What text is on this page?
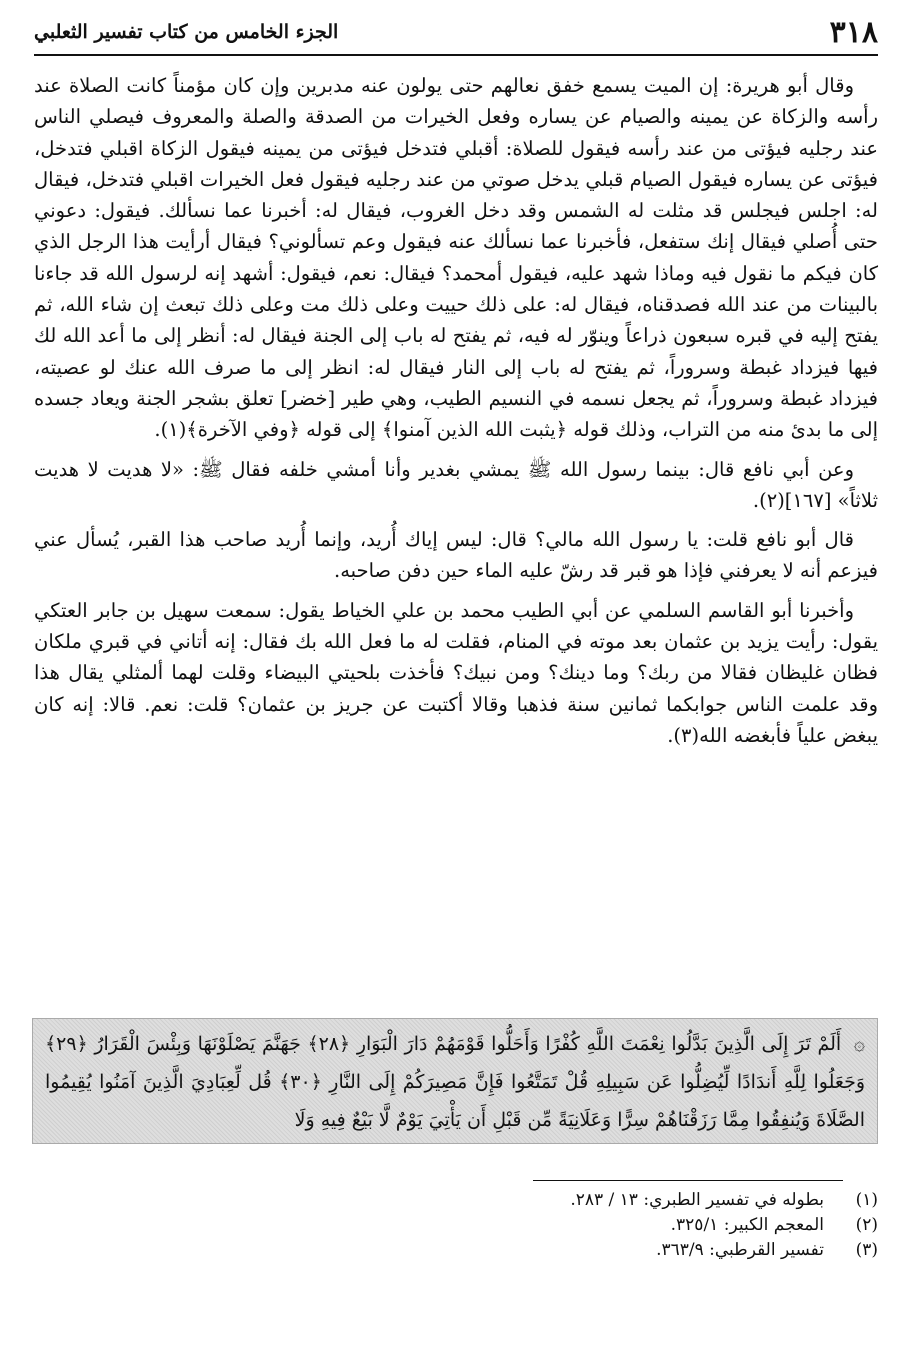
٣١٨
الجزء الخامس من كتاب تفسير الثعلبي

وقال أبو هريرة: إن الميت يسمع خفق نعالهم حتى يولون عنه مدبرين وإن كان مؤمناً كانت الصلاة عند رأسه والزكاة عن يمينه والصيام عن يساره وفعل الخيرات من الصدقة والصلة والمعروف فيصلي الناس عند رجليه فيؤتى من عند رأسه فيقول للصلاة: أقبلي فتدخل فيؤتى من يمينه فيقول الزكاة اقبلي فتدخل، فيؤتى عن يساره فيقول الصيام قبلي يدخل صوتي من عند رجليه فيقول فعل الخيرات اقبلي فتدخل، فيقال له: اجلس فيجلس قد مثلت له الشمس وقد دخل الغروب، فيقال له: أخبرنا عما نسألك. فيقول: دعوني حتى أُصلي فيقال إنك ستفعل، فأخبرنا عما نسألك عنه فيقول وعم تسألوني؟ فيقال أرأيت هذا الرجل الذي كان فيكم ما نقول فيه وماذا شهد عليه، فيقول أمحمد؟ فيقال: نعم، فيقول: أشهد إنه لرسول الله قد جاءنا بالبينات من عند الله فصدقناه، فيقال له: على ذلك حييت وعلى ذلك مت وعلى ذلك تبعث إن شاء الله، ثم يفتح إليه في قبره سبعون ذراعاً وينوّر له فيه، ثم يفتح له باب إلى الجنة فيقال له: أنظر إلى ما أعد الله لك فيها فيزداد غبطة وسروراً، ثم يفتح له باب إلى النار فيقال له: انظر إلى ما صرف الله عنك لو عصيته، فيزداد غبطة وسروراً، ثم يجعل نسمه في النسيم الطيب، وهي طير [خضر] تعلق بشجر الجنة ويعاد جسده إلى ما بدئ منه من التراب، وذلك قوله ﴿يثبت الله الذين آمنوا﴾ إلى قوله ﴿وفي الآخرة﴾(١).

وعن أبي نافع قال: بينما رسول الله ﷺ يمشي بغدير وأنا أمشي خلفه فقال ﷺ: «لا هديت لا هديت ثلاثاً» [١٦٧](٢).

قال أبو نافع قلت: يا رسول الله مالي؟ قال: ليس إياك أُريد، وإنما أُريد صاحب هذا القبر، يُسأل عني فيزعم أنه لا يعرفني فإذا هو قبر قد رشّ عليه الماء حين دفن صاحبه.

وأخبرنا أبو القاسم السلمي عن أبي الطيب محمد بن علي الخياط يقول: سمعت سهيل بن جابر العتكي يقول: رأيت يزيد بن عثمان بعد موته في المنام، فقلت له ما فعل الله بك فقال: إنه أتاني في قبري ملكان فظان غليظان فقالا من ربك؟ وما دينك؟ ومن نبيك؟ فأخذت بلحيتي البيضاء وقلت لهما ألمثلي يقال هذا وقد علمت الناس جوابكما ثمانين سنة فذهبا وقالا أكتبت عن جريز بن عثمان؟ قلت: نعم. قالا: إنه كان يبغض علياً فأبغضه الله(٣).

۞ أَلَمْ تَرَ إِلَى الَّذِينَ بَدَّلُوا نِعْمَتَ اللَّهِ كُفْرًا وَأَحَلُّوا قَوْمَهُمْ دَارَ الْبَوَارِ ﴿٢٨﴾ جَهَنَّمَ يَصْلَوْنَهَا وَبِئْسَ الْقَرَارُ ﴿٢٩﴾ وَجَعَلُوا لِلَّهِ أَندَادًا لِّيُضِلُّوا عَن سَبِيلِهِ قُلْ تَمَتَّعُوا فَإِنَّ مَصِيرَكُمْ إِلَى النَّارِ ﴿٣٠﴾ قُل لِّعِبَادِيَ الَّذِينَ آمَنُوا يُقِيمُوا الصَّلَاةَ وَيُنفِقُوا مِمَّا رَزَقْنَاهُمْ سِرًّا وَعَلَانِيَةً مِّن قَبْلِ أَن يَأْتِيَ يَوْمٌ لَّا بَيْعٌ فِيهِ وَلَا
(١)
بطوله في تفسير الطبري: ١٣ / ٢٨٣.
(٢)
المعجم الكبير: ٣٢٥/١.
(٣)
تفسير القرطبي: ٣٦٣/٩.
